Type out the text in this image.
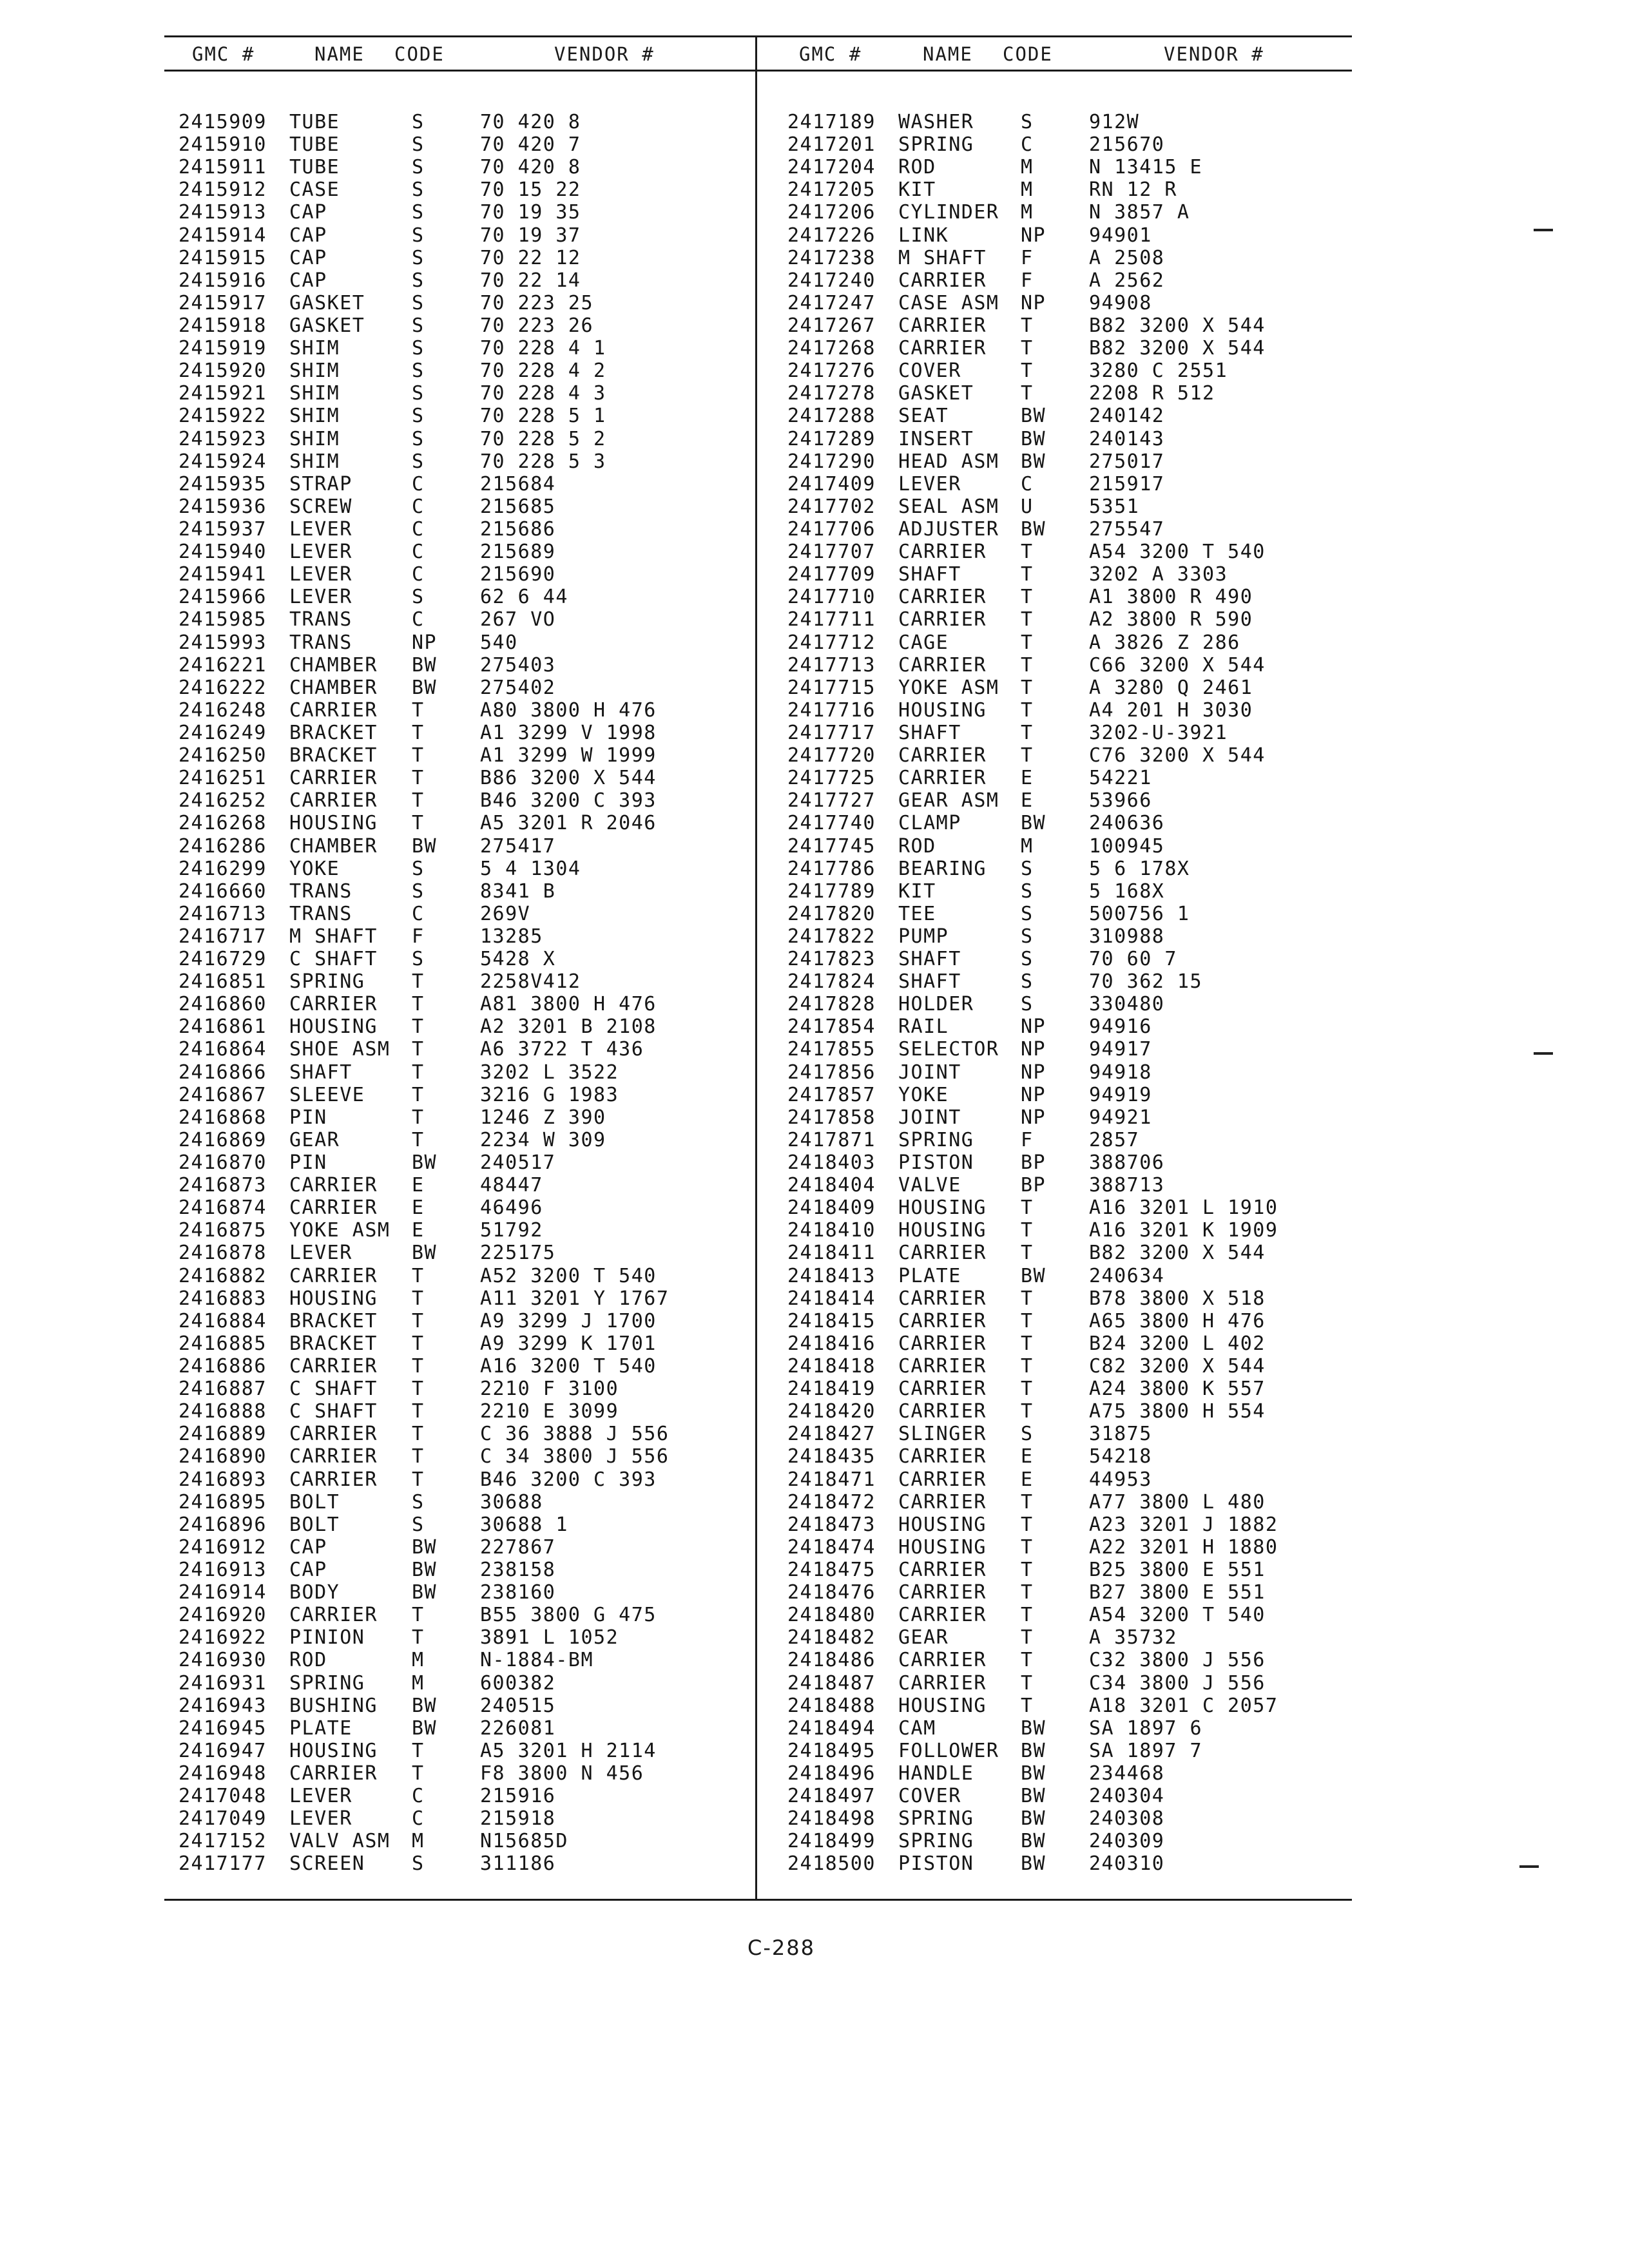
GMC #	NAME CODE	VENDOR #	GMC #	NAME CODE	VENDOR #
2415909 TUBE	S	70 420 8
2415910 TUBE	S	70 420 7
2415911 TUBE	S	70 420 8
2415912 CASE	S	70 15 22
2415913 CAP	S	70 19 35
2415914 CAP	S	70 19 37
2415915 CAP	S	70 22 12
2415916 CAP	S	70 22 14
2415917 GASKET S	70 223 25
2415918 GASKET S	70 223 26
2415919 SHIM	S	70 228 4 1
2415920 SHIM	S	70 228 4 2
2415921 SHIM	S	70 228 4 3
2415922 SHIM	S	70 228 5 1
2415923 SHIM	S	70 228 5 2
2415924 SHIM	S	70 228 5 3
2415935 STRAP	C	215684
2415936 SCREW	C	215685
2415937 LEVER	C	215686
2415940 LEVER	C	215689
2415941 LEVER	C	215690
2415966 LEVER	S	62 6 44
2415985 TRANS	C	267 VO
2415993 TRANS	NP 540
2416221 CHAMBER BW 275403
2416222 CHAMBER BW 275402
2416248 CARRIER T	A80 3800 H 476
2416249 BRACKET T	A1 3299 V 1998
2416250 BRACKET T	A1 3299 W 1999
2416251 CARRIER T	B86 3200 X 544
2416252 CARRIER T	B46 3200 C 393
2416268 HOUSING T	A5 3201 R 2046
2416286 CHAMBER BW 275417
2416299 YOKE	S	5 4 1304
2416660 TRANS	S	8341 B
2416713 TRANS	C	269V
2416717 M SHAFT F	13285
2416729 C SHAFT S	5428 X
2416851 SPRING T	2258V412
2416860 CARRIER T	A81 3800 H 476
2416861 HOUSING T	A2 3201 B 2108
2416864 SHOE ASM T	A6 3722 T 436
2416866 SHAFT	T	3202 L 3522
2416867 SLEEVE T	3216 G 1983
2416868 PIN	T	1246 Z 390
2416869 GEAR	T	2234 W 309
2416870 PIN	BW 240517
2416873 CARRIER E	48447
2416874 CARRIER E	46496
2416875 YOKE ASM E	51792
2416878 LEVER	BW 225175
2416882 CARRIER T	A52 3200 T 540
2416883 HOUSING T	A11 3201 Y 1767
2416884 BRACKET T	A9 3299 J 1700
2416885 BRACKET T	A9 3299 K 1701
2416886 CARRIER T	A16 3200 T 540
2416887 C SHAFT T	2210 F 3100
2416888 C SHAFT T	2210 E 3099
2416889 CARRIER T	C 36 3888 J 556
2416890 CARRIER T	C 34 3800 J 556
2416893 CARRIER T	B46 3200 C 393
2416895 BOLT	S	30688
2416896 BOLT	S	30688 1
2416912 CAP	BW 227867
2416913 CAP	BW 238158
2416914 BODY	BW 238160
2416920 CARRIER T	B55 3800 G 475
2416922 PINION T	3891 L 1052
2416930 ROD	M	N-1884-BM
2416931 SPRING M	600382
2416943 BUSHING BW 240515
2416945 PLATE	BW 226081
2416947 HOUSING T	A5 3201 H 2114
2416948 CARRIER T	F8 3800 N 456
2417048 LEVER	C	215916
2417049 LEVER	C	215918
2417152 VALV ASM M	N15685D
2417177 SCREEN S	311186
2417189 WASHER S	912W
2417201 SPRING C	215670
2417204 ROD	M	N 13415 E
2417205 KIT	M	RN 12 R
2417206 CYLINDER M	N 3857 A
2417226 LINK	NP 94901
2417238 M SHAFT F	A 2508
2417240 CARRIER F	A 2562
2417247 CASE ASM NP 94908
2417267 CARRIER T	B82 3200 X 544
2417268 CARRIER T	B82 3200 X 544
2417276 COVER	T	3280 C 2551
2417278 GASKET T	2208 R 512
2417288 SEAT	BW 240142
2417289 INSERT BW 240143
2417290 HEAD ASM BW 275017
2417409 LEVER	C	215917
2417702 SEAL ASM U	5351
2417706 ADJUSTER BW 275547
2417707 CARRIER T	A54 3200 T 540
2417709 SHAFT	T	3202 A 3303
2417710 CARRIER T	A1 3800 R 490
2417711 CARRIER T	A2 3800 R 590
2417712 CAGE	T	A 3826 Z 286
2417713 CARRIER T	C66 3200 X 544
2417715 YOKE ASM T	A 3280 Q 2461
2417716 HOUSING T	A4 201 H 3030
2417717 SHAFT	T	3202-U-3921
2417720 CARRIER T	C76 3200 X 544
2417725 CARRIER E	54221
2417727 GEAR ASM E	53966
2417740 CLAMP	BW 240636
2417745 ROD	M	100945
2417786 BEARING S	5 6 178X
2417789 KIT	S	5 168X
2417820 TEE	S	500756 1
2417822 PUMP	S	310988
2417823 SHAFT	S	70 60 7
2417824 SHAFT	S	70 362 15
2417828 HOLDER S	330480
2417854 RAIL	NP 94916
2417855 SELECTOR NP 94917
2417856 JOINT	NP 94918
2417857 YOKE	NP 94919
2417858 JOINT	NP 94921
2417871 SPRING F	2857
2418403 PISTON BP 388706
2418404 VALVE	BP 388713
2418409 HOUSING T	A16 3201 L 1910
2418410 HOUSING T	A16 3201 K 1909
2418411 CARRIER T	B82 3200 X 544
2418413 PLATE	BW 240634
2418414 CARRIER T	B78 3800 X 518
2418415 CARRIER T	A65 3800 H 476
2418416 CARRIER T	B24 3200 L 402
2418418 CARRIER T	C82 3200 X 544
2418419 CARRIER T	A24 3800 K 557
2418420 CARRIER T	A75 3800 H 554
2418427 SLINGER S	31875
2418435 CARRIER E	54218
2418471 CARRIER E	44953
2418472 CARRIER T	A77 3800 L 480
2418473 HOUSING T	A23 3201 J 1882
2418474 HOUSING T	A22 3201 H 1880
2418475 CARRIER T	B25 3800 E 551
2418476 CARRIER T	B27 3800 E 551
2418480 CARRIER T	A54 3200 T 540
2418482 GEAR	T	A 35732
2418486 CARRIER T	C32 3800 J 556
2418487 CARRIER T	C34 3800 J 556
2418488 HOUSING T	A18 3201 C 2057
2418494 CAM	BW SA 1897 6
2418495 FOLLOWER BW SA 1897 7
2418496 HANDLE BW 234468
2418497 COVER	BW 240304
2418498 SPRING BW 240308
2418499 SPRING BW 240309
2418500 PISTON BW 240310
C-288
